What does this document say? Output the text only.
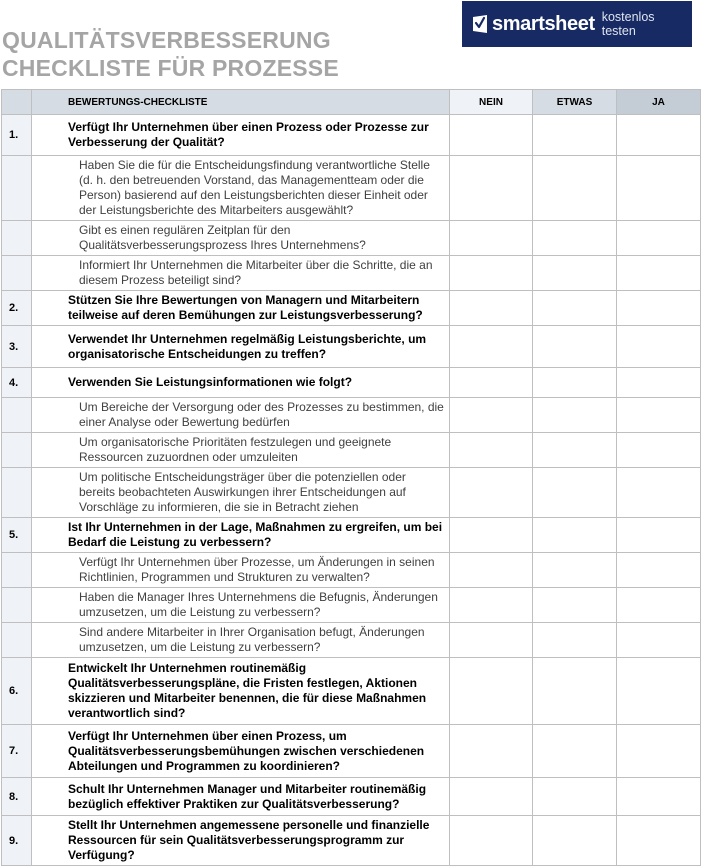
QUALITÄTSVERBESSERUNG
CHECKLISTE FÜR PROZESSE
smartsheet kostenlos testen
	BEWERTUNGS-CHECKLISTE	NEIN	ETWAS	JA
1.	Verfügt Ihr Unternehmen über einen Prozess oder Prozesse zur Verbesserung der Qualität?			
	Haben Sie die für die Entscheidungsfindung verantwortliche Stelle (d. h. den betreuenden Vorstand, das Managementteam oder die Person) basierend auf den Leistungsberichten dieser Einheit oder der Leistungsberichte des Mitarbeiters ausgewählt?			
	Gibt es einen regulären Zeitplan für den Qualitätsverbesserungsprozess Ihres Unternehmens?			
	Informiert Ihr Unternehmen die Mitarbeiter über die Schritte, die an diesem Prozess beteiligt sind?			
2.	Stützen Sie Ihre Bewertungen von Managern und Mitarbeitern teilweise auf deren Bemühungen zur Leistungsverbesserung?			
3.	Verwendet Ihr Unternehmen regelmäßig Leistungsberichte, um organisatorische Entscheidungen zu treffen?			
4.	Verwenden Sie Leistungsinformationen wie folgt?			
	Um Bereiche der Versorgung oder des Prozesses zu bestimmen, die einer Analyse oder Bewertung bedürfen			
	Um organisatorische Prioritäten festzulegen und geeignete Ressourcen zuzuordnen oder umzuleiten			
	Um politische Entscheidungsträger über die potenziellen oder bereits beobachteten Auswirkungen ihrer Entscheidungen auf Vorschläge zu informieren, die sie in Betracht ziehen			
5.	Ist Ihr Unternehmen in der Lage, Maßnahmen zu ergreifen, um bei Bedarf die Leistung zu verbessern?			
	Verfügt Ihr Unternehmen über Prozesse, um Änderungen in seinen Richtlinien, Programmen und Strukturen zu verwalten?			
	Haben die Manager Ihres Unternehmens die Befugnis, Änderungen umzusetzen, um die Leistung zu verbessern?			
	Sind andere Mitarbeiter in Ihrer Organisation befugt, Änderungen umzusetzen, um die Leistung zu verbessern?			
6.	Entwickelt Ihr Unternehmen routinemäßig Qualitätsverbesserungspläne, die Fristen festlegen, Aktionen skizzieren und Mitarbeiter benennen, die für diese Maßnahmen verantwortlich sind?			
7.	Verfügt Ihr Unternehmen über einen Prozess, um Qualitätsverbesserungsbemühungen zwischen verschiedenen Abteilungen und Programmen zu koordinieren?			
8.	Schult Ihr Unternehmen Manager und Mitarbeiter routinemäßig bezüglich effektiver Praktiken zur Qualitätsverbesserung?			
9.	Stellt Ihr Unternehmen angemessene personelle und finanzielle Ressourcen für sein Qualitätsverbesserungsprogramm zur Verfügung?			
